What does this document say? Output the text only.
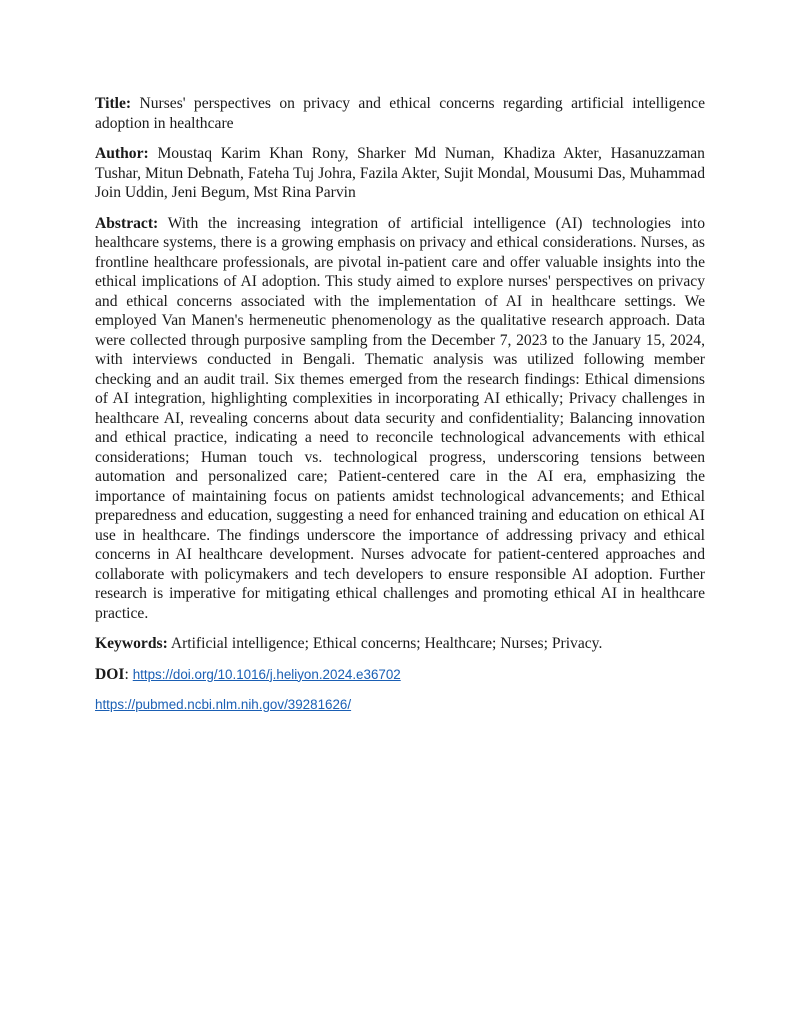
Title: Nurses' perspectives on privacy and ethical concerns regarding artificial intelligence adoption in healthcare

Author: Moustaq Karim Khan Rony, Sharker Md Numan, Khadiza Akter, Hasanuzzaman Tushar, Mitun Debnath, Fateha Tuj Johra, Fazila Akter, Sujit Mondal, Mousumi Das, Muhammad Join Uddin, Jeni Begum, Mst Rina Parvin

Abstract: With the increasing integration of artificial intelligence (AI) technologies into healthcare systems, there is a growing emphasis on privacy and ethical considerations. Nurses, as frontline healthcare professionals, are pivotal in-patient care and offer valuable insights into the ethical implications of AI adoption. This study aimed to explore nurses' perspectives on privacy and ethical concerns associated with the implementation of AI in healthcare settings. We employed Van Manen's hermeneutic phenomenology as the qualitative research approach. Data were collected through purposive sampling from the December 7, 2023 to the January 15, 2024, with interviews conducted in Bengali. Thematic analysis was utilized following member checking and an audit trail. Six themes emerged from the research findings: Ethical dimensions of AI integration, highlighting complexities in incorporating AI ethically; Privacy challenges in healthcare AI, revealing concerns about data security and confidentiality; Balancing innovation and ethical practice, indicating a need to reconcile technological advancements with ethical considerations; Human touch vs. technological progress, underscoring tensions between automation and personalized care; Patient-centered care in the AI era, emphasizing the importance of maintaining focus on patients amidst technological advancements; and Ethical preparedness and education, suggesting a need for enhanced training and education on ethical AI use in healthcare. The findings underscore the importance of addressing privacy and ethical concerns in AI healthcare development. Nurses advocate for patient-centered approaches and collaborate with policymakers and tech developers to ensure responsible AI adoption. Further research is imperative for mitigating ethical challenges and promoting ethical AI in healthcare practice.

Keywords: Artificial intelligence; Ethical concerns; Healthcare; Nurses; Privacy.

DOI: https://doi.org/10.1016/j.heliyon.2024.e36702

https://pubmed.ncbi.nlm.nih.gov/39281626/
